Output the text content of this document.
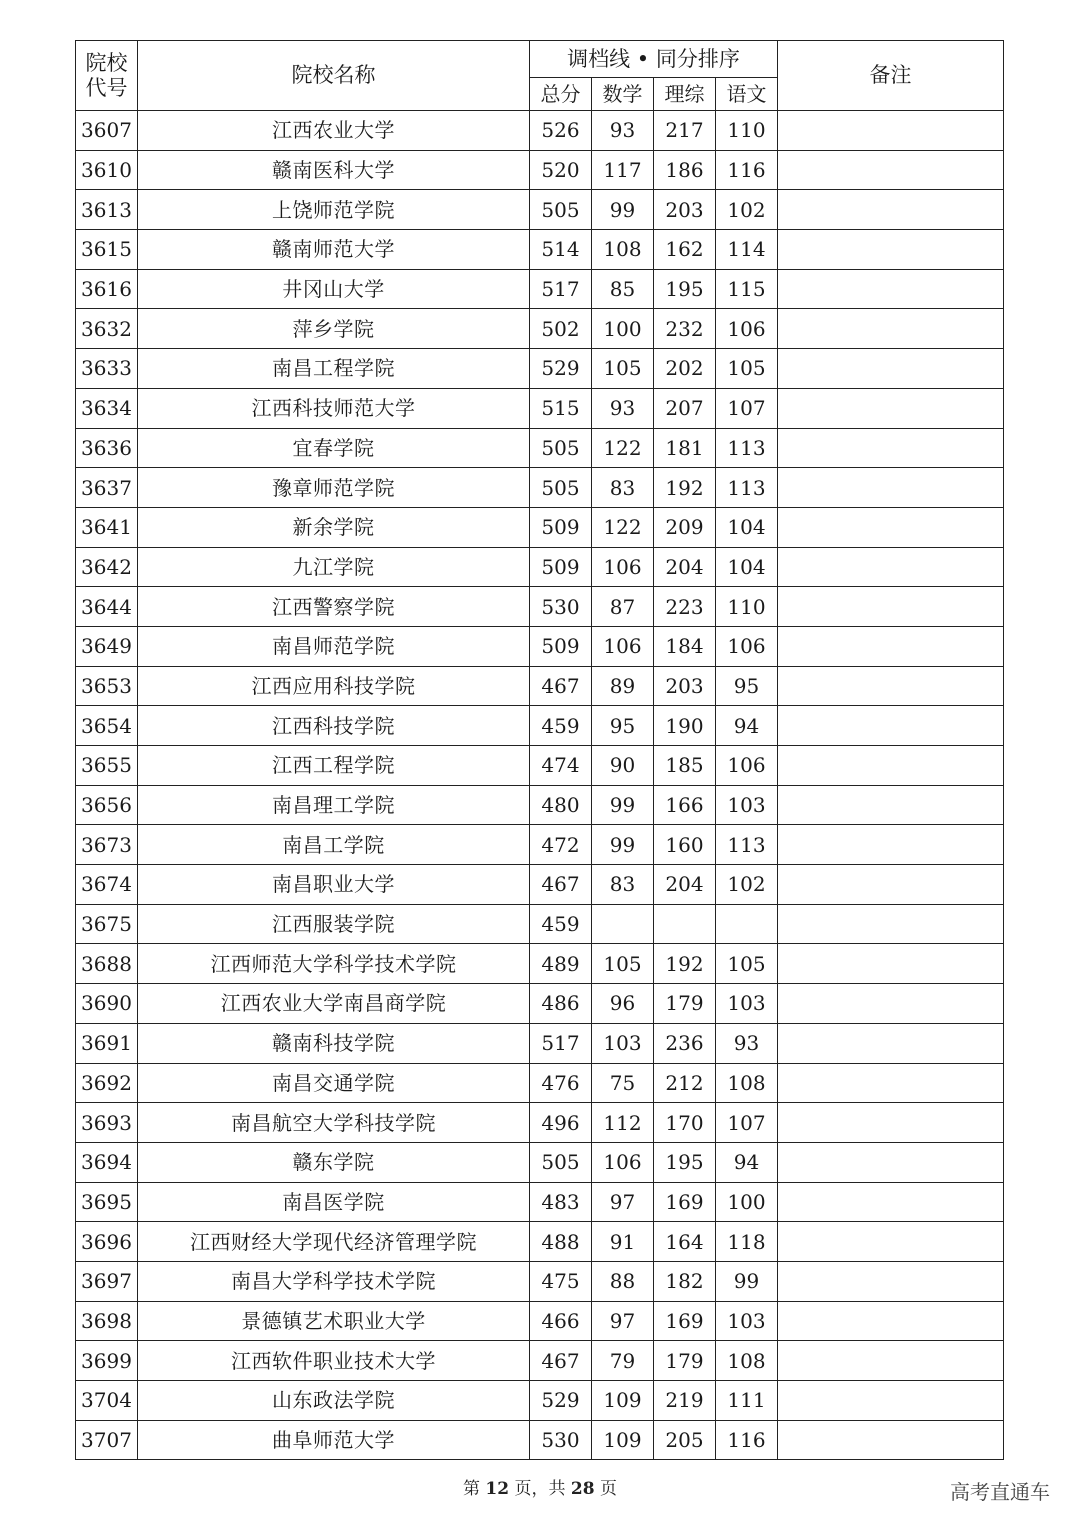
院校
代号	院校名称	调档线 • 同分排序				备注
		总分	数学	理综	语文	
3607	江西农业大学	526	93	217	110	
3610	赣南医科大学	520	117	186	116	
3613	上饶师范学院	505	99	203	102	
3615	赣南师范大学	514	108	162	114	
3616	井冈山大学	517	85	195	115	
3632	萍乡学院	502	100	232	106	
3633	南昌工程学院	529	105	202	105	
3634	江西科技师范大学	515	93	207	107	
3636	宜春学院	505	122	181	113	
3637	豫章师范学院	505	83	192	113	
3641	新余学院	509	122	209	104	
3642	九江学院	509	106	204	104	
3644	江西警察学院	530	87	223	110	
3649	南昌师范学院	509	106	184	106	
3653	江西应用科技学院	467	89	203	95	
3654	江西科技学院	459	95	190	94	
3655	江西工程学院	474	90	185	106	
3656	南昌理工学院	480	99	166	103	
3673	南昌工学院	472	99	160	113	
3674	南昌职业大学	467	83	204	102	
3675	江西服装学院	459				
3688	江西师范大学科学技术学院	489	105	192	105	
3690	江西农业大学南昌商学院	486	96	179	103	
3691	赣南科技学院	517	103	236	93	
3692	南昌交通学院	476	75	212	108	
3693	南昌航空大学科技学院	496	112	170	107	
3694	赣东学院	505	106	195	94	
3695	南昌医学院	483	97	169	100	
3696	江西财经大学现代经济管理学院	488	91	164	118	
3697	南昌大学科学技术学院	475	88	182	99	
3698	景德镇艺术职业大学	466	97	169	103	
3699	江西软件职业技术大学	467	79	179	108	
3704	山东政法学院	529	109	219	111	
3707	曲阜师范大学	530	109	205	116	
第 12 页，共 28 页	高考直通车
